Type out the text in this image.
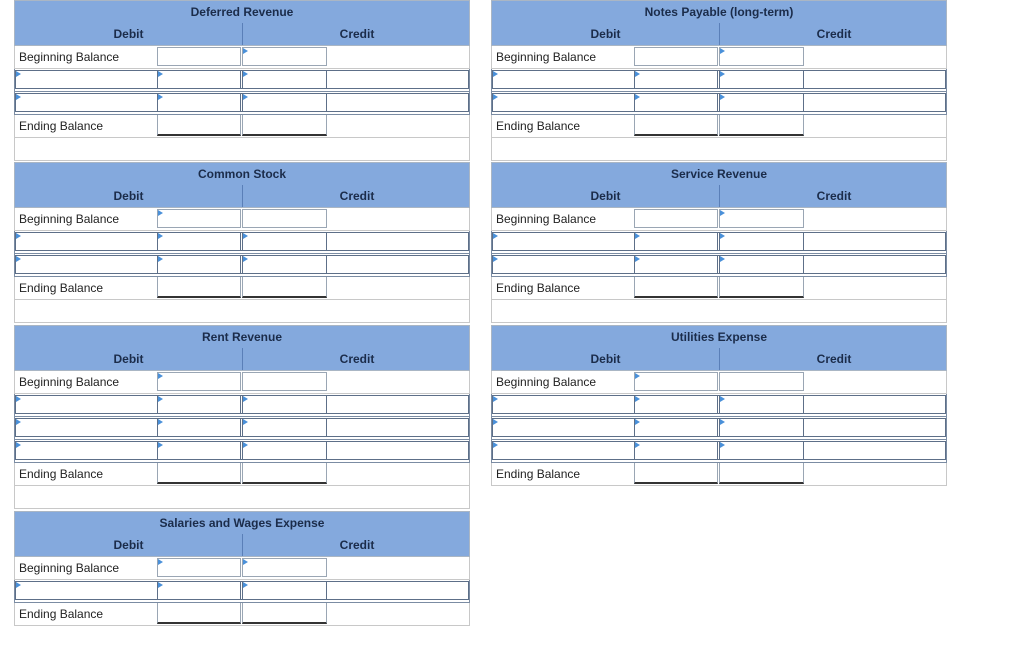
Deferred Revenue
Debit	Credit
Beginning Balance
Ending Balance
Notes Payable (long-term)
Debit	Credit
Beginning Balance
Ending Balance
Common Stock
Debit	Credit
Beginning Balance
Ending Balance
Service Revenue
Debit	Credit
Beginning Balance
Ending Balance
Rent Revenue
Debit	Credit
Beginning Balance
Ending Balance
Utilities Expense
Debit	Credit
Beginning Balance
Ending Balance
Salaries and Wages Expense
Debit	Credit
Beginning Balance
Ending Balance
